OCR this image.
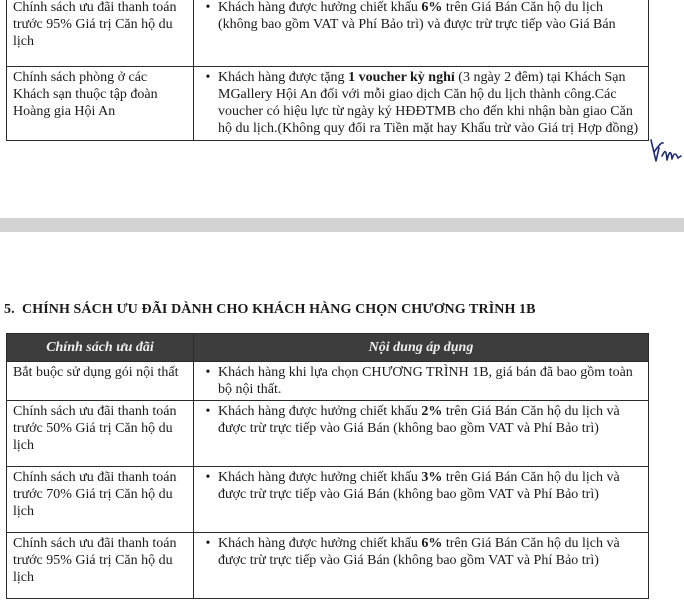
Chính sách ưu đãi thanh toán trước 95% Giá trị Căn hộ du lịch	• Khách hàng được hưởng chiết khấu 6% trên Giá Bán Căn hộ du lịch (không bao gồm VAT và Phí Bảo trì) và được trừ trực tiếp vào Giá Bán

Chính sách phòng ở các Khách sạn thuộc tập đoàn Hoàng gia Hội An	• Khách hàng được tặng 1 voucher kỳ nghỉ (3 ngày 2 đêm) tại Khách Sạn MGallery Hội An đối với mỗi giao dịch Căn hộ du lịch thành công.Các voucher có hiệu lực từ ngày ký HĐĐTMB cho đến khi nhận bàn giao Căn hộ du lịch.(Không quy đổi ra Tiền mặt hay Khấu trừ vào Giá trị Hợp đồng)
5. CHÍNH SÁCH ƯU ĐÃI DÀNH CHO KHÁCH HÀNG CHỌN CHƯƠNG TRÌNH 1B
Chính sách ưu đãi	Nội dung áp dụng
Bắt buộc sử dụng gói nội thất	• Khách hàng khi lựa chọn CHƯƠNG TRÌNH 1B, giá bán đã bao gồm toàn bộ nội thất.

Chính sách ưu đãi thanh toán trước 50% Giá trị Căn hộ du lịch	• Khách hàng được hưởng chiết khấu 2% trên Giá Bán Căn hộ du lịch và được trừ trực tiếp vào Giá Bán (không bao gồm VAT và Phí Bảo trì)

Chính sách ưu đãi thanh toán trước 70% Giá trị Căn hộ du lịch	• Khách hàng được hưởng chiết khấu 3% trên Giá Bán Căn hộ du lịch và được trừ trực tiếp vào Giá Bán (không bao gồm VAT và Phí Bảo trì)

Chính sách ưu đãi thanh toán trước 95% Giá trị Căn hộ du lịch	• Khách hàng được hưởng chiết khấu 6% trên Giá Bán Căn hộ du lịch và được trừ trực tiếp vào Giá Bán (không bao gồm VAT và Phí Bảo trì)
